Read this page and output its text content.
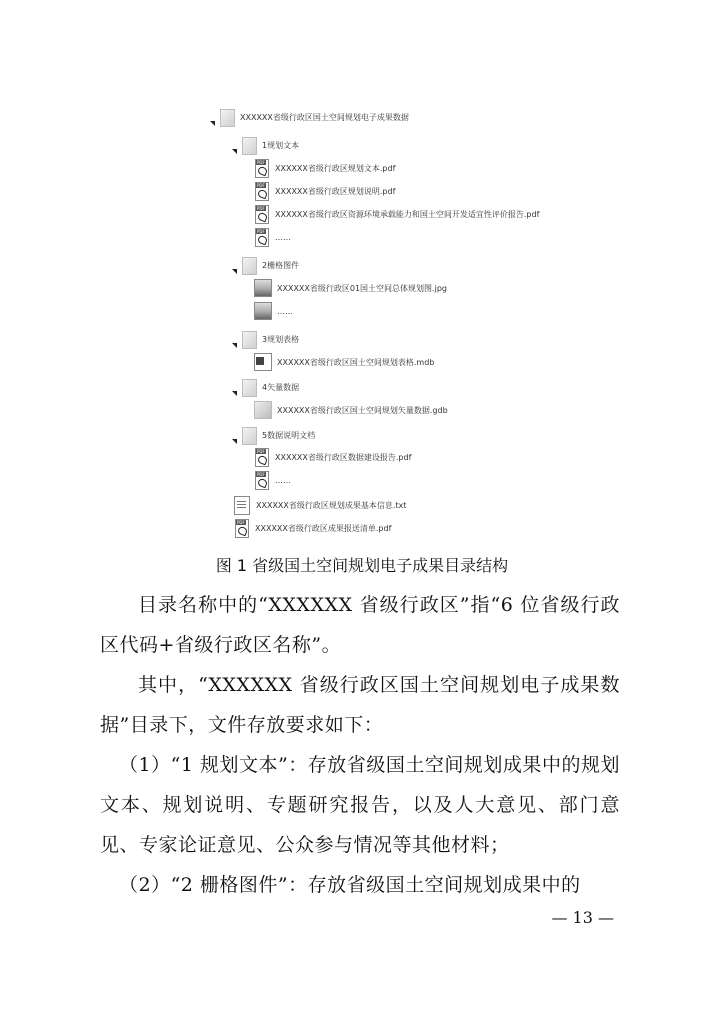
XXXXXX省级行政区国土空间规划电子成果数据
1规划文本
PDF
XXXXXX省级行政区规划文本.pdf
PDF
XXXXXX省级行政区规划说明.pdf
PDF
XXXXXX省级行政区资源环境承载能力和国土空间开发适宜性评价报告.pdf
PDF
……
2栅格图件
XXXXXX省级行政区01国土空间总体规划图.jpg
……
3规划表格
XXXXXX省级行政区国土空间规划表格.mdb
4矢量数据
XXXXXX省级行政区国土空间规划矢量数据.gdb
5数据说明文档
PDF
XXXXXX省级行政区数据建设报告.pdf
PDF
……
XXXXXX省级行政区规划成果基本信息.txt
PDF
XXXXXX省级行政区成果报送清单.pdf
图 1 省级国土空间规划电子成果目录结构
目录名称中的“XXXXXX 省级行政区”指“6 位省级行政区代码+省级行政区名称”。
其中，“XXXXXX 省级行政区国土空间规划电子成果数据”目录下，文件存放要求如下：
（1）“1 规划文本”：存放省级国土空间规划成果中的规划文本、规划说明、专题研究报告，以及人大意见、部门意见、专家论证意见、公众参与情况等其他材料；
（2）“2 栅格图件”：存放省级国土空间规划成果中的
— 13 —
